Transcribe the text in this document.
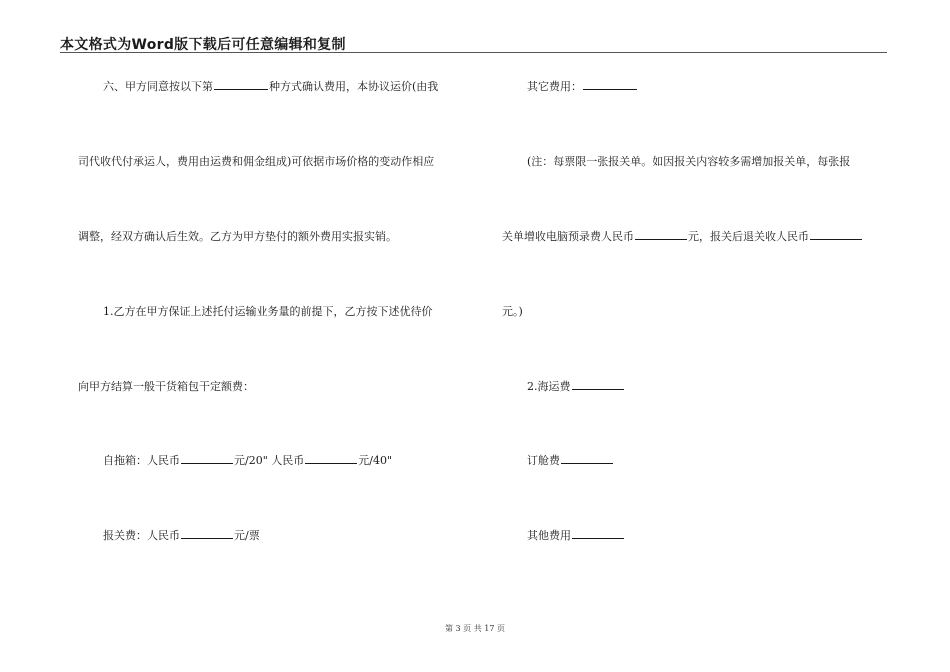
本文格式为Word版下载后可任意编辑和复制
六、甲方同意按以下第	种方式确认费用，本协议运价(由我
司代收代付承运人，费用由运费和佣金组成)可依据市场价格的变动作相应
调整，经双方确认后生效。乙方为甲方垫付的额外费用实报实销。
1.乙方在甲方保证上述托付运输业务量的前提下，乙方按下述优待价
向甲方结算一般干货箱包干定额费：
自拖箱：人民币	元/20" 人民币	元/40"
报关费：人民币	元/票
其它费用：
(注：每票限一张报关单。如因报关内容较多需增加报关单，每张报
关单增收电脑预录费人民币	元，报关后退关收人民币
元。)
2.海运费
订舱费
其他费用
第 3 页 共 17 页
